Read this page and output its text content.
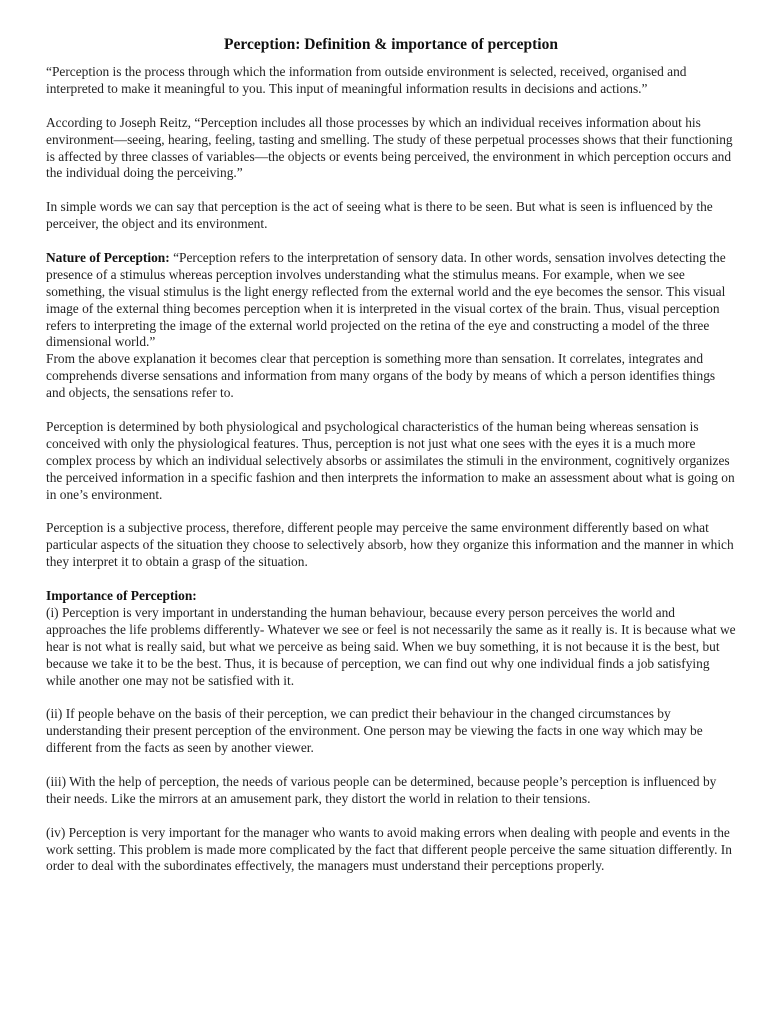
Perception: Definition & importance of perception

“Perception is the process through which the information from outside environment is selected, received, organised and interpreted to make it meaningful to you. This input of meaningful information results in decisions and actions.”

According to Joseph Reitz, “Perception includes all those processes by which an individual receives information about his environment—seeing, hearing, feeling, tasting and smelling. The study of these perpetual processes shows that their functioning is affected by three classes of variables—the objects or events being perceived, the environment in which perception occurs and the individual doing the perceiving.”

In simple words we can say that perception is the act of seeing what is there to be seen. But what is seen is influenced by the perceiver, the object and its environment.

Nature of Perception: “Perception refers to the interpretation of sensory data. In other words, sensation involves detecting the presence of a stimulus whereas perception involves understanding what the stimulus means. For example, when we see something, the visual stimulus is the light energy reflected from the external world and the eye becomes the sensor. This visual image of the external thing becomes perception when it is interpreted in the visual cortex of the brain. Thus, visual perception refers to interpreting the image of the external world projected on the retina of the eye and constructing a model of the three dimensional world.”

From the above explanation it becomes clear that perception is something more than sensation. It correlates, integrates and comprehends diverse sensations and information from many organs of the body by means of which a person identifies things and objects, the sensations refer to.

Perception is determined by both physiological and psychological characteristics of the human being whereas sensation is conceived with only the physiological features. Thus, perception is not just what one sees with the eyes it is a much more complex process by which an individual selectively absorbs or assimilates the stimuli in the environment, cognitively organizes the perceived information in a specific fashion and then interprets the information to make an assessment about what is going on in one’s environment.

Perception is a subjective process, therefore, different people may perceive the same environment differently based on what particular aspects of the situation they choose to selectively absorb, how they organize this information and the manner in which they interpret it to obtain a grasp of the situation.

Importance of Perception:

(i) Perception is very important in understanding the human behaviour, because every person perceives the world and approaches the life problems differently- Whatever we see or feel is not necessarily the same as it really is. It is because what we hear is not what is really said, but what we perceive as being said. When we buy something, it is not because it is the best, but because we take it to be the best. Thus, it is because of perception, we can find out why one individual finds a job satisfying while another one may not be satisfied with it.

(ii) If people behave on the basis of their perception, we can predict their behaviour in the changed circumstances by understanding their present perception of the environment. One person may be viewing the facts in one way which may be different from the facts as seen by another viewer.

(iii) With the help of perception, the needs of various people can be determined, because people’s perception is influenced by their needs. Like the mirrors at an amusement park, they distort the world in relation to their tensions.

(iv) Perception is very important for the manager who wants to avoid making errors when dealing with people and events in the work setting. This problem is made more complicated by the fact that different people perceive the same situation differently. In order to deal with the subordinates effectively, the managers must understand their perceptions properly.
